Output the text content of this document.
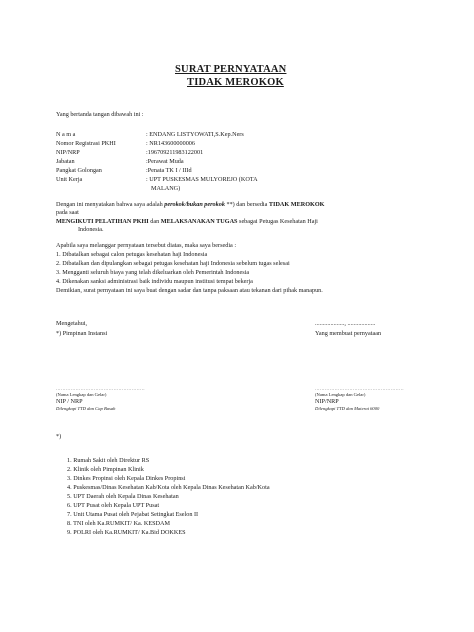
SURAT PERNYATAAN
TIDAK MEROKOK
Yang bertanda tangan dibawah ini :
N a m a	: ENDANG LISTYOWATI,S.Kep.Ners
Nomor Registrasi PKHI	: NR143600000006
NIP/NRP	:196709211983122001
Jabatan	:Perawat Muda
Pangkat Golongan	:Penata TK I / IIId
Unit Kerja	: UPT PUSKESMAS MULYOREJO (KOTA
MALANG)
Dengan ini menyatakan bahwa saya adalah perokok/bukan perokok **) dan bersedia TIDAK MEROKOK
pada saat
MENGIKUTI PELATIHAN PKHI dan MELAKSANAKAN TUGAS sebagai Petugas Kesehatan Haji
Indonesia.
Apabila saya melanggar pernyataan tersebut diatas, maka saya bersedia :
1. Dibatalkan sebagai calon petugas kesehatan haji Indonesia
2. Dibatalkan dan dipulangkan sebagai petugas kesehatan haji Indonesia sebelum tugas selesai
3. Mengganti seluruh biaya yang telah dikeluarkan oleh Pemerintah Indonesia
4. Dikenakan sanksi administrasi baik individu maupun institusi tempat bekerja
Demikian, surat pernyataan ini saya buat dengan sadar dan tanpa paksaan atau tekanan dari pihak manapun.
Mengetahui,	..................., ..................
*) Pimpinan Instansi	Yang membuat pernyataan
......................................................	......................................................
(Nama Lengkap dan Gelar)	(Nama Lengkap dan Gelar)
NIP / NRP	NIP/NRP
Dilengkapi TTD dan Cap Basah	Dilengkapi TTD dan Materai 6000
*)
1. Rumah Sakit oleh Direktur RS
2. Klinik oleh Pimpinan Klinik
3. Dinkes Propinsi oleh Kepala Dinkes Propinsi
4. Puskesmas/Dinas Kesehatan Kab/Kota oleh Kepala Dinas Kesehatan Kab/Kota
5. UPT Daerah oleh Kepala Dinas Kesehatan
6. UPT Pusat oleh Kepala UPT Pusat
7. Unit Utama Pusat oleh Pejabat Setingkat Eselon II
8. TNI oleh Ka.RUMKIT/ Ka. KESDAM
9. POLRI oleh Ka.RUMKIT/ Ka.Bid DOKKES
